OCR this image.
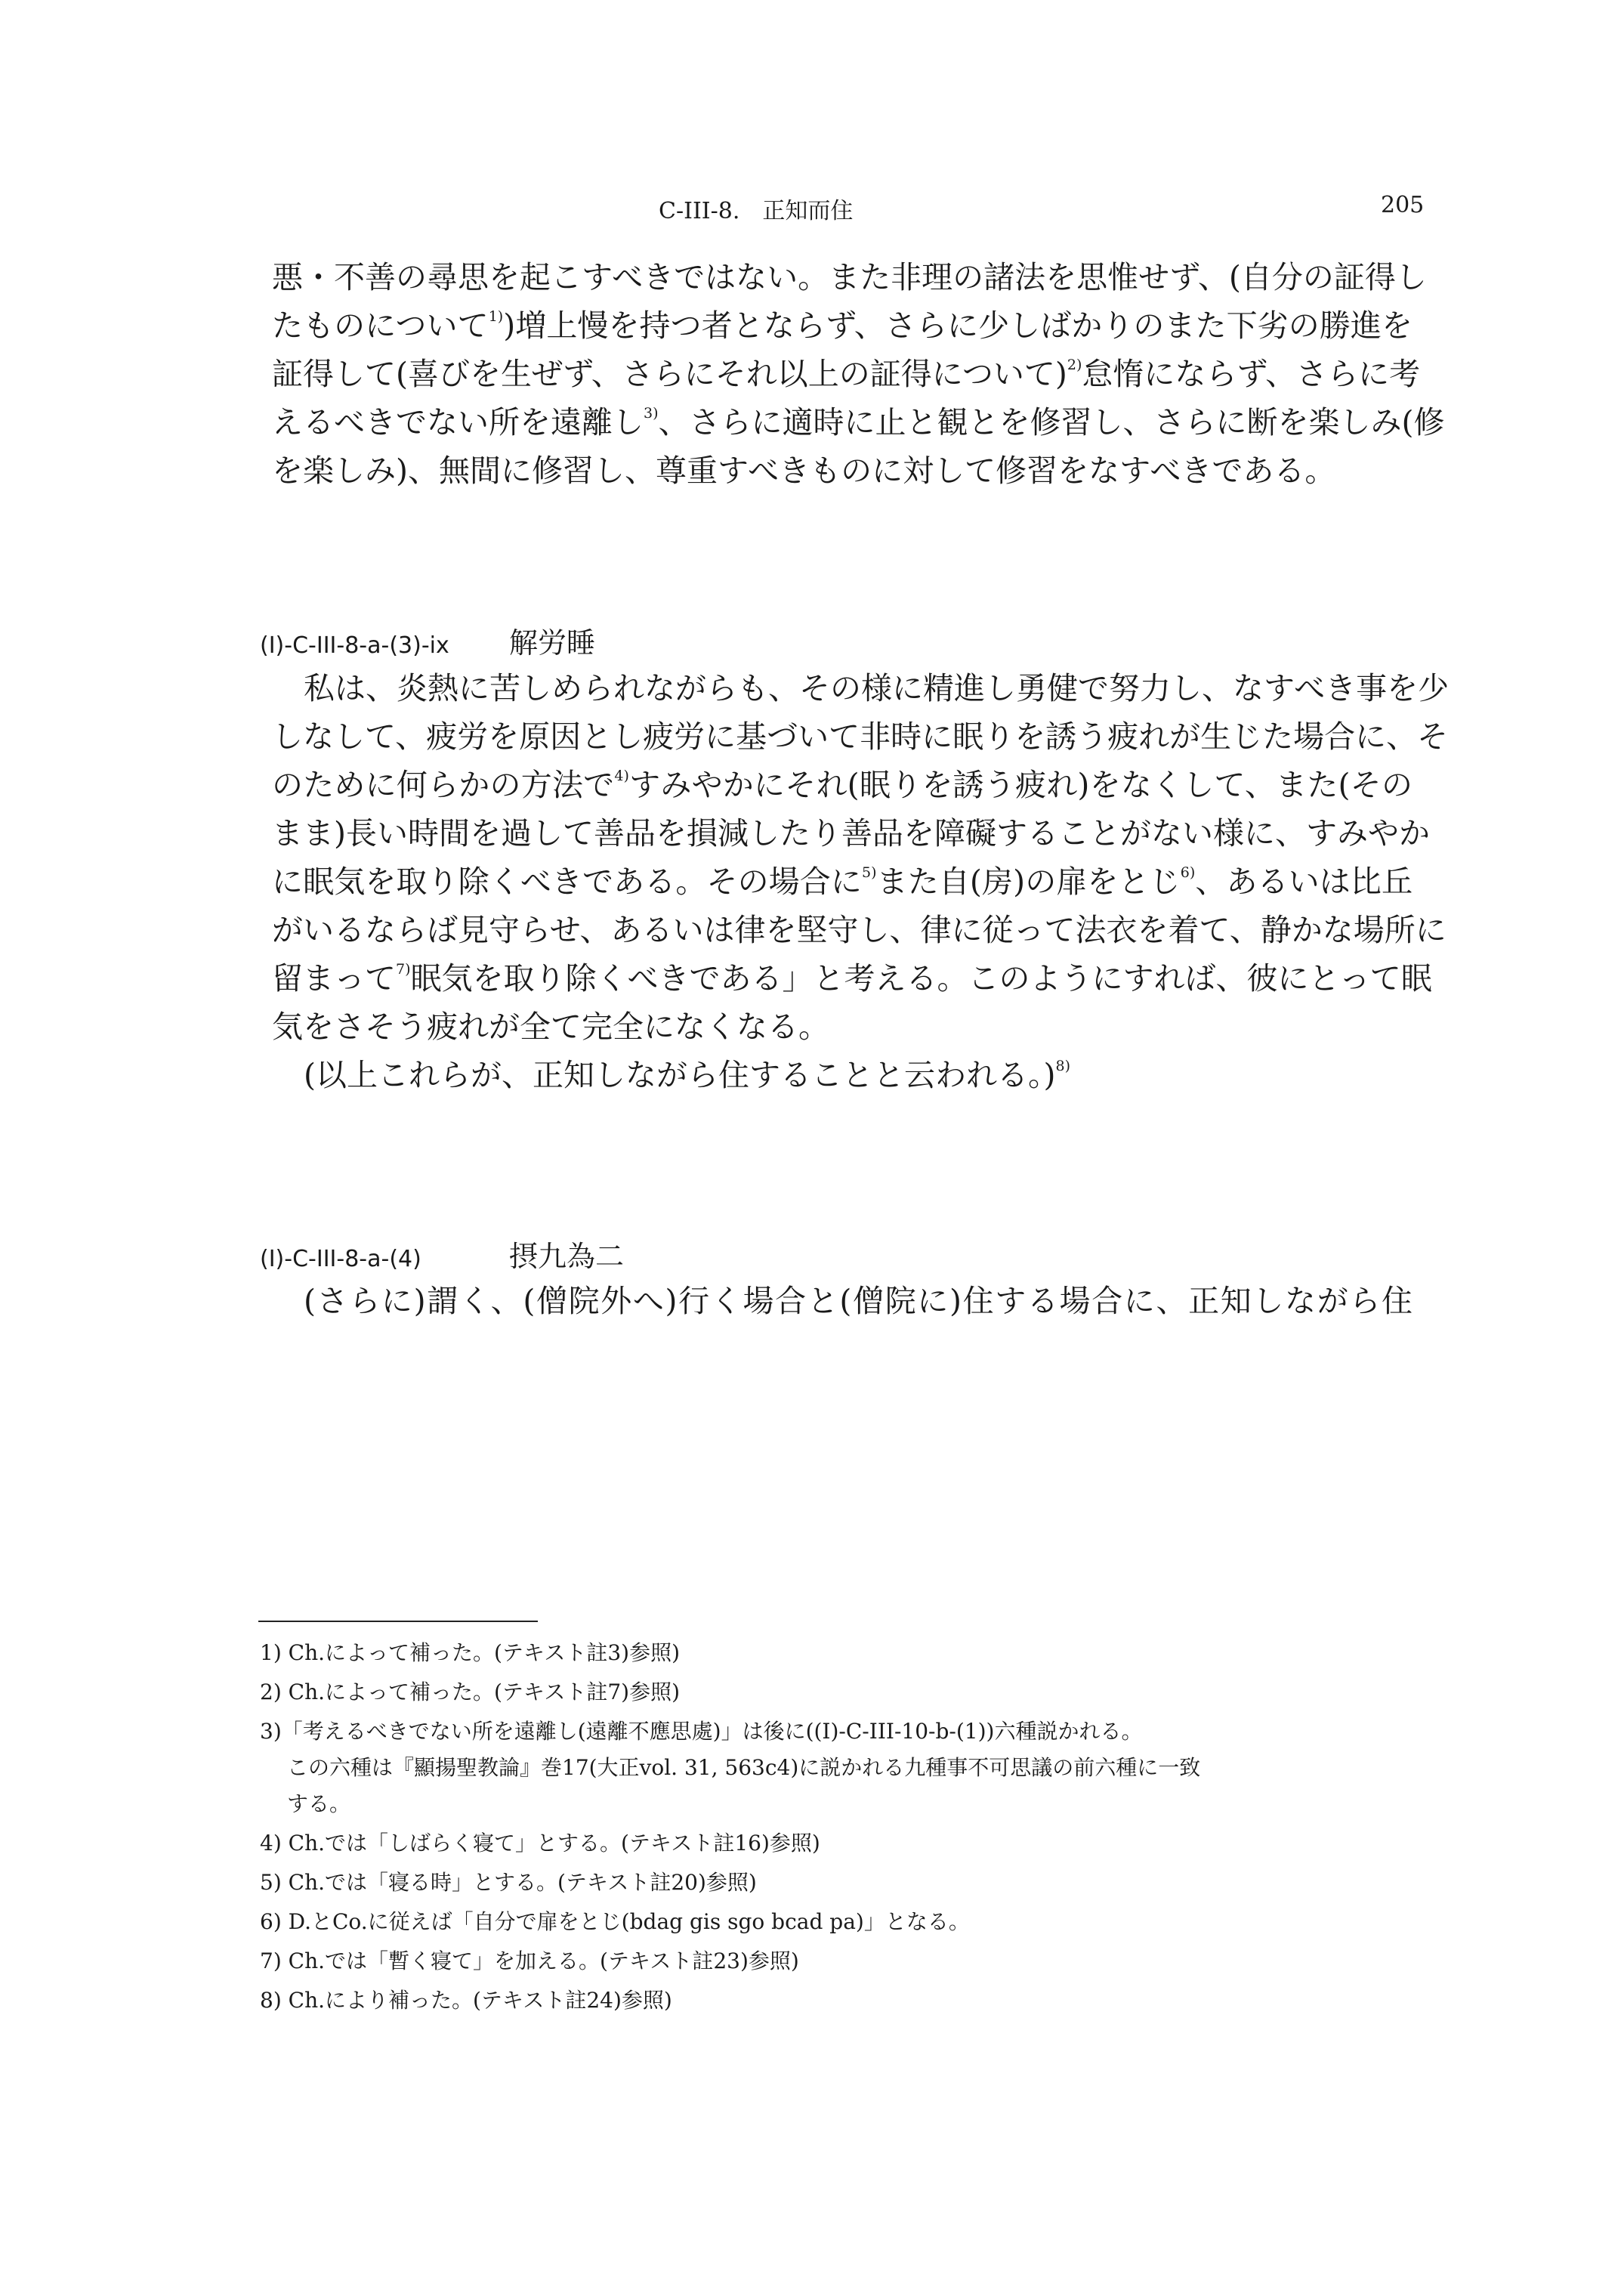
C-III-8.　正知而住	205
悪・不善の尋思を起こすべきではない。また非理の諸法を思惟せず、(自分の証得し
たものについて$^{1)}$)増上慢を持つ者とならず、さらに少しばかりのまた下劣の勝進を
証得して(喜びを生ぜず、さらにそれ以上の証得について)$^{2)}$怠惰にならず、さらに考
えるべきでない所を遠離し$^{3)}$、さらに適時に止と観とを修習し、さらに断を楽しみ(修
を楽しみ)、無間に修習し、尊重すべきものに対して修習をなすべきである。
(I)-C-III-8-a-(3)-ix 解労睡
私は、炎熱に苦しめられながらも、その様に精進し勇健で努力し、なすべき事を少
しなして、疲労を原因とし疲労に基づいて非時に眠りを誘う疲れが生じた場合に、そ
のために何らかの方法で$^{4)}$すみやかにそれ(眠りを誘う疲れ)をなくして、また(その
まま)長い時間を過して善品を損減したり善品を障礙することがない様に、すみやか
に眠気を取り除くべきである。その場合に$^{5)}$また自(房)の扉をとじ$^{6)}$、あるいは比丘
がいるならば見守らせ、あるいは律を堅守し、律に従って法衣を着て、静かな場所に
留まって$^{7)}$眠気を取り除くべきである」と考える。このようにすれば、彼にとって眠
気をさそう疲れが全て完全になくなる。
(以上これらが、正知しながら住することと云われる。)$^{8)}$
(I)-C-III-8-a-(4)	摂九為二
(さらに)謂く、(僧院外へ)行く場合と(僧院に)住する場合に、正知しながら住
1) Ch.によって補った。(テキスト註3)参照)
2) Ch.によって補った。(テキスト註7)参照)
3)「考えるべきでない所を遠離し(遠離不應思處)」は後に((I)-C-III-10-b-(1))六種説かれる。
この六種は『顯揚聖教論』巻17(大正vol. 31, 563c4)に説かれる九種事不可思議の前六種に一致
する。
4) Ch.では「しばらく寝て」とする。(テキスト註16)参照)
5) Ch.では「寝る時」とする。(テキスト註20)参照)
6) D.とCo.に従えば「自分で扉をとじ(bdag gis sgo bcad pa)」となる。
7) Ch.では「暫く寝て」を加える。(テキスト註23)参照)
8) Ch.により補った。(テキスト註24)参照)
